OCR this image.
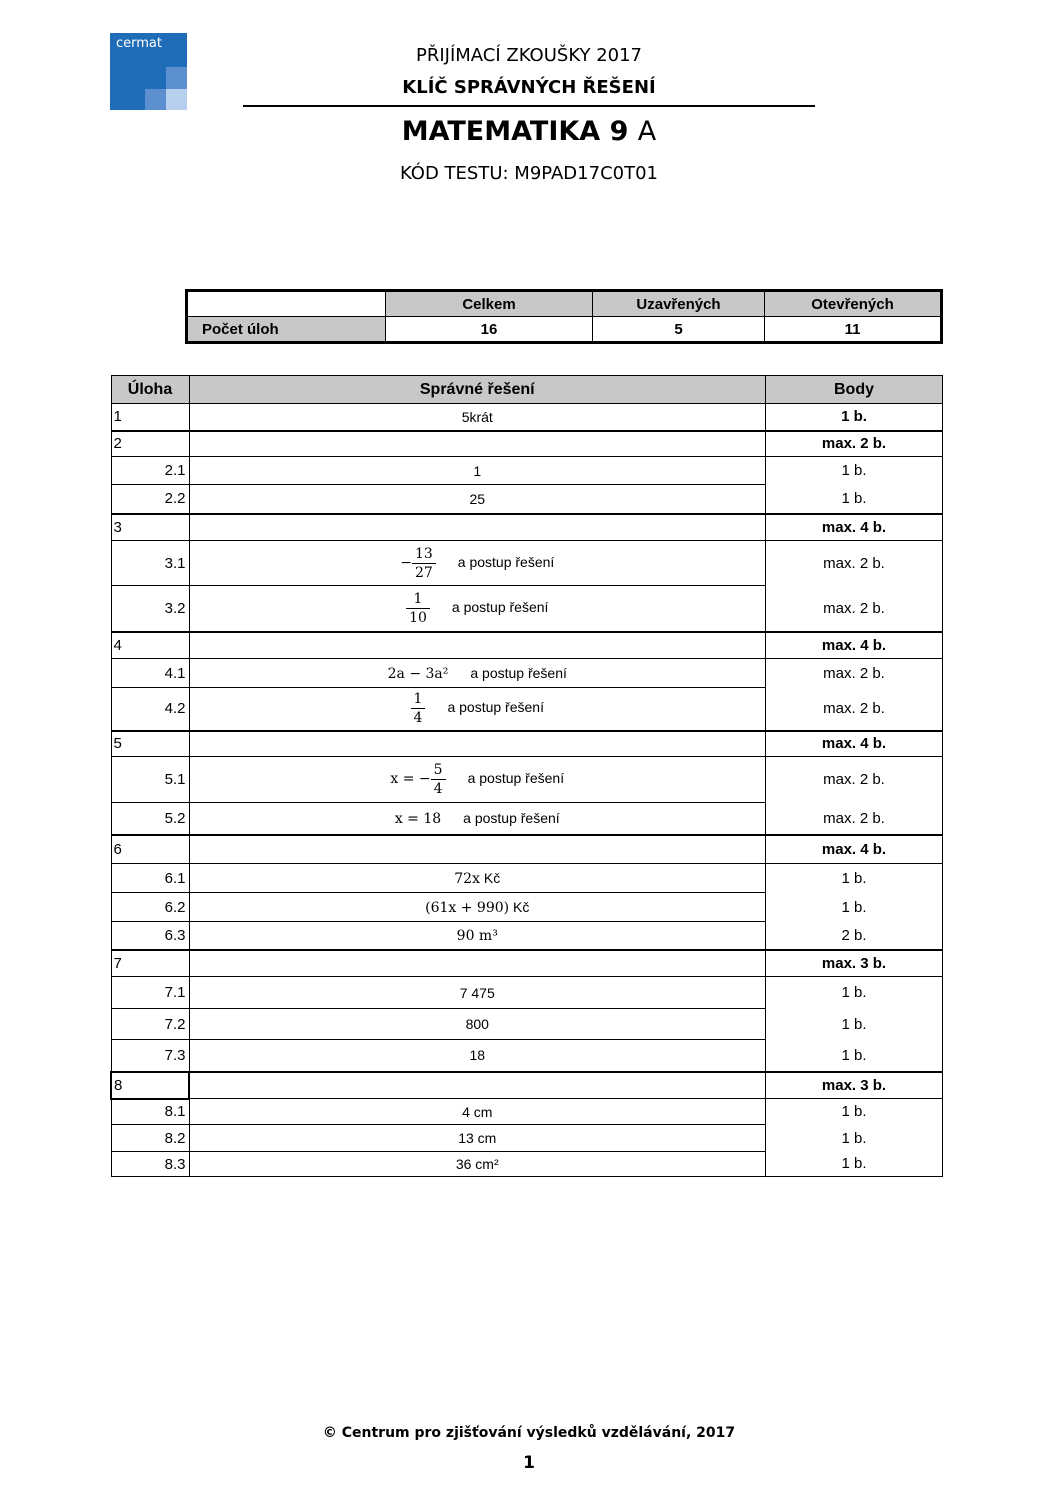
cermat
PŘIJÍMACÍ ZKOUŠKY 2017
KLÍČ SPRÁVNÝCH ŘEŠENÍ
MATEMATIKA 9 A
KÓD TESTU: M9PAD17C0T01
	Celkem	Uzavřených	Otevřených
Počet úloh	16	5	11
Úloha	Správné řešení	Body
1	5krát	1 b.
2		max. 2 b.
2.1	1	1 b.
2.2	25	1 b.
3		max. 4 b.
3.1	− $\frac{13}{27}$ a postup řešení	max. 2 b.
3.2	$\frac{1}{10}$ a postup řešení	max. 2 b.
4		max. 4 b.
4.1	2a − 3a² a postup řešení	max. 2 b.
4.2	$\frac{1}{4}$ a postup řešení	max. 2 b.
5		max. 4 b.
5.1	x = − $\frac{5}{4}$ a postup řešení	max. 2 b.
5.2	x = 18 a postup řešení	max. 2 b.
6		max. 4 b.
6.1	72x Kč	1 b.
6.2	(61x + 990) Kč	1 b.
6.3	90 m³	2 b.
7		max. 3 b.
7.1	7 475	1 b.
7.2	800	1 b.
7.3	18	1 b.
8		max. 3 b.
8.1	4 cm	1 b.
8.2	13 cm	1 b.
8.3	36 cm²	1 b.
© Centrum pro zjišťování výsledků vzdělávání, 2017
1
